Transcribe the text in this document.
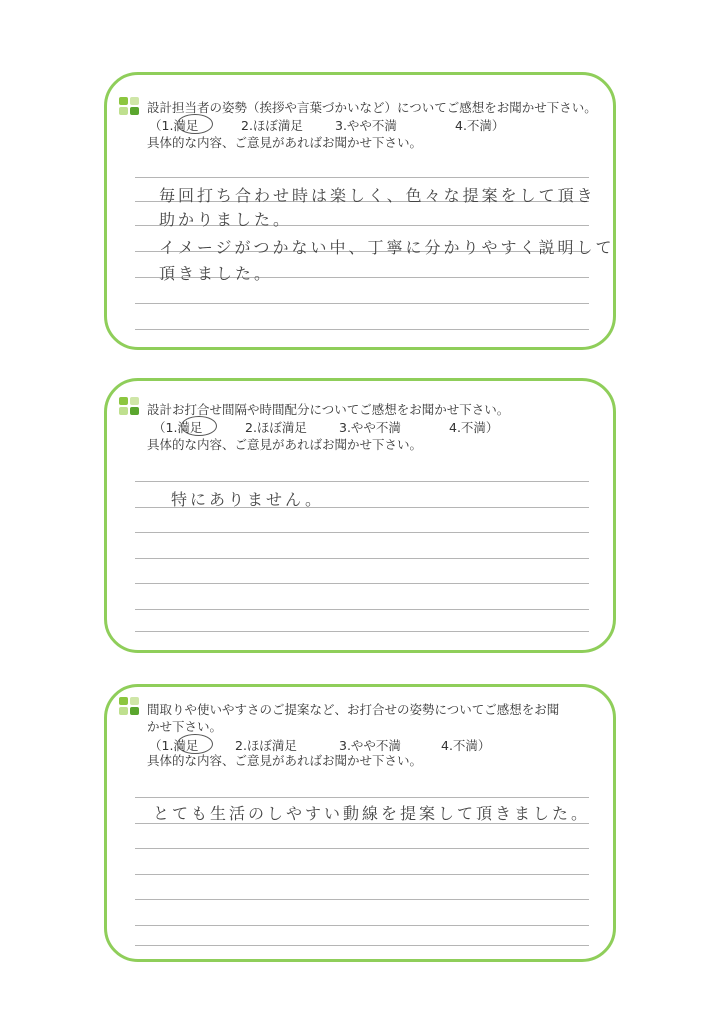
設計担当者の姿勢（挨拶や言葉づかいなど）についてご感想をお聞かせ下さい。
（1.満足	2.ほぼ満足	3.やや不満	4.不満）
具体的な内容、ご意見があればお聞かせ下さい。
毎回打ち合わせ時は楽しく、色々な提案をして頂き
助かりました。
イメージがつかない中、丁寧に分かりやすく説明して
頂きました。
設計お打合せ間隔や時間配分についてご感想をお聞かせ下さい。
（1.満足	2.ほぼ満足	3.やや不満	4.不満）
具体的な内容、ご意見があればお聞かせ下さい。
特にありません。
間取りや使いやすさのご提案など、お打合せの姿勢についてご感想をお聞かせ下さい。
（1.満足	2.ほぼ満足	3.やや不満	4.不満）
具体的な内容、ご意見があればお聞かせ下さい。
とても生活のしやすい動線を提案して頂きました。
